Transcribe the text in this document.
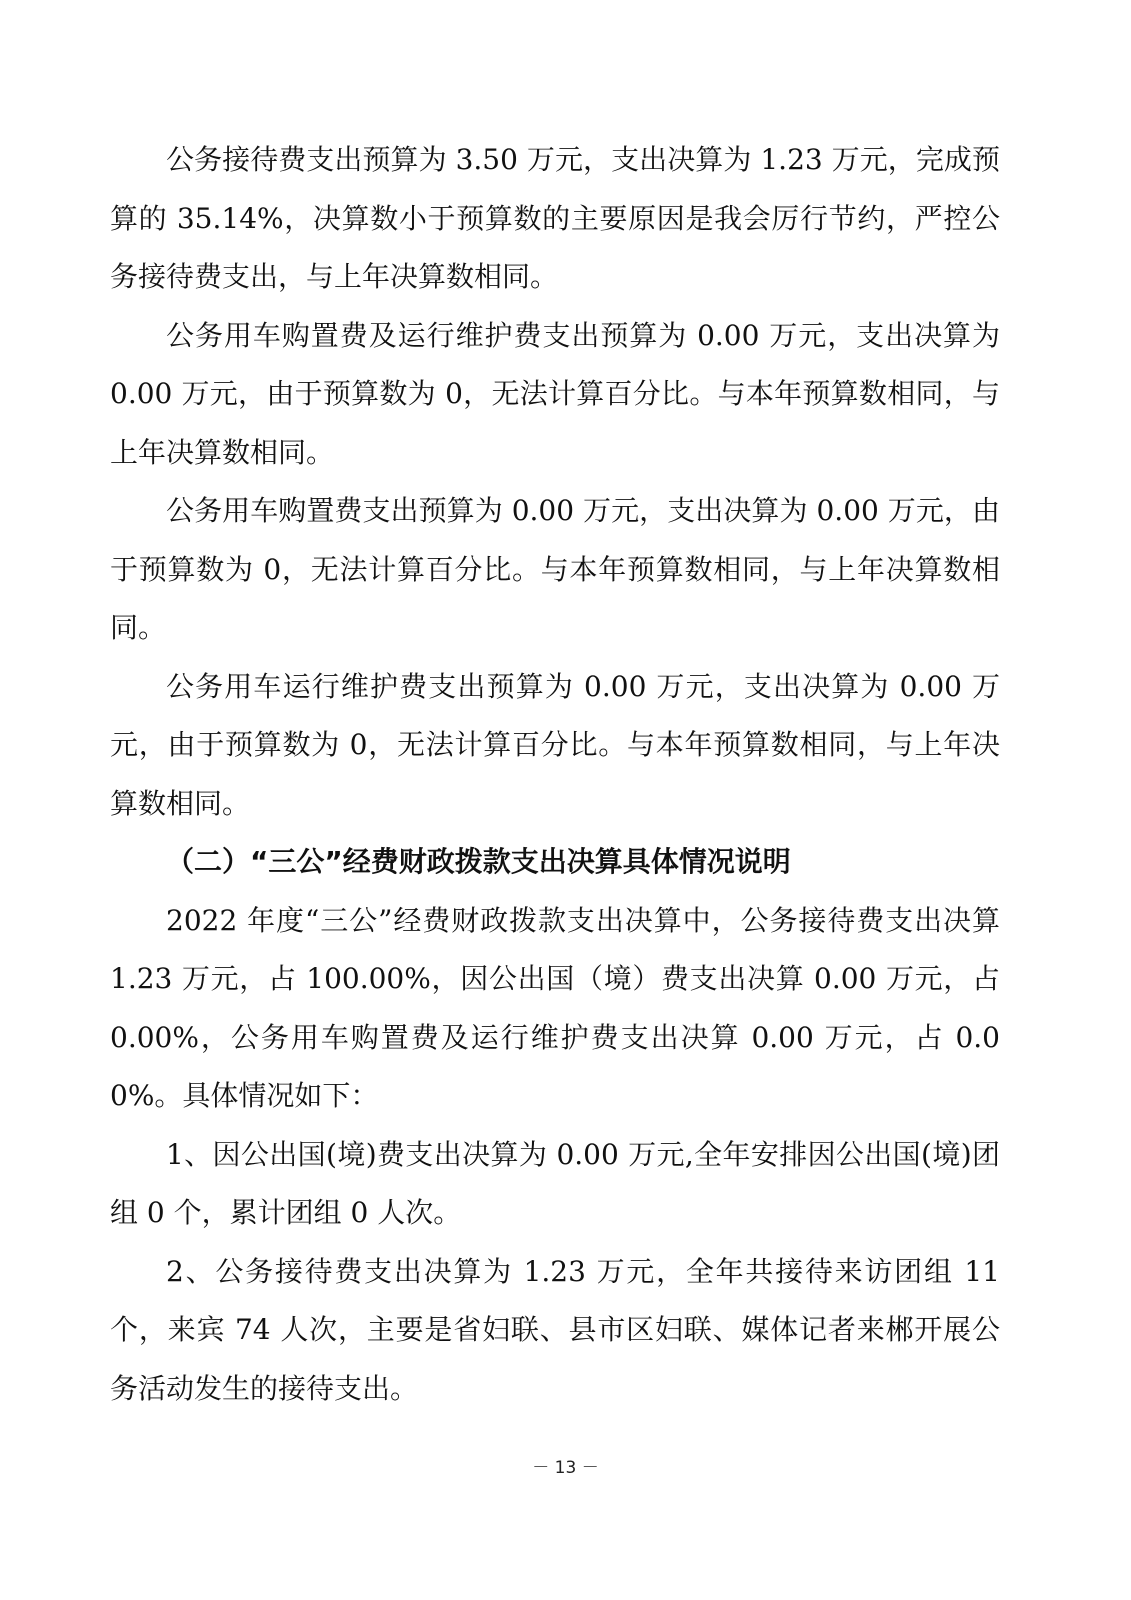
公务接待费支出预算为 3.50 万元，支出决算为 1.23 万元，完成预算的 35.14%，决算数小于预算数的主要原因是我会厉行节约，严控公务接待费支出，与上年决算数相同。

公务用车购置费及运行维护费支出预算为 0.00 万元，支出决算为 0.00 万元，由于预算数为 0，无法计算百分比。与本年预算数相同，与上年决算数相同。

公务用车购置费支出预算为 0.00 万元，支出决算为 0.00 万元，由于预算数为 0，无法计算百分比。与本年预算数相同，与上年决算数相同。

公务用车运行维护费支出预算为 0.00 万元，支出决算为 0.00 万元，由于预算数为 0，无法计算百分比。与本年预算数相同，与上年决算数相同。

（二）“三公”经费财政拨款支出决算具体情况说明

2022 年度“三公”经费财政拨款支出决算中，公务接待费支出决算 1.23 万元，占 100.00%，因公出国（境）费支出决算 0.00 万元，占 0.00%，公务用车购置费及运行维护费支出决算 0.00 万元，占 0.00%。具体情况如下：

1、因公出国(境)费支出决算为 0.00 万元,全年安排因公出国(境)团组 0 个，累计团组 0 人次。

2、公务接待费支出决算为 1.23 万元，全年共接待来访团组 11 个，来宾 74 人次，主要是省妇联、县市区妇联、媒体记者来郴开展公务活动发生的接待支出。

－ 13 －
